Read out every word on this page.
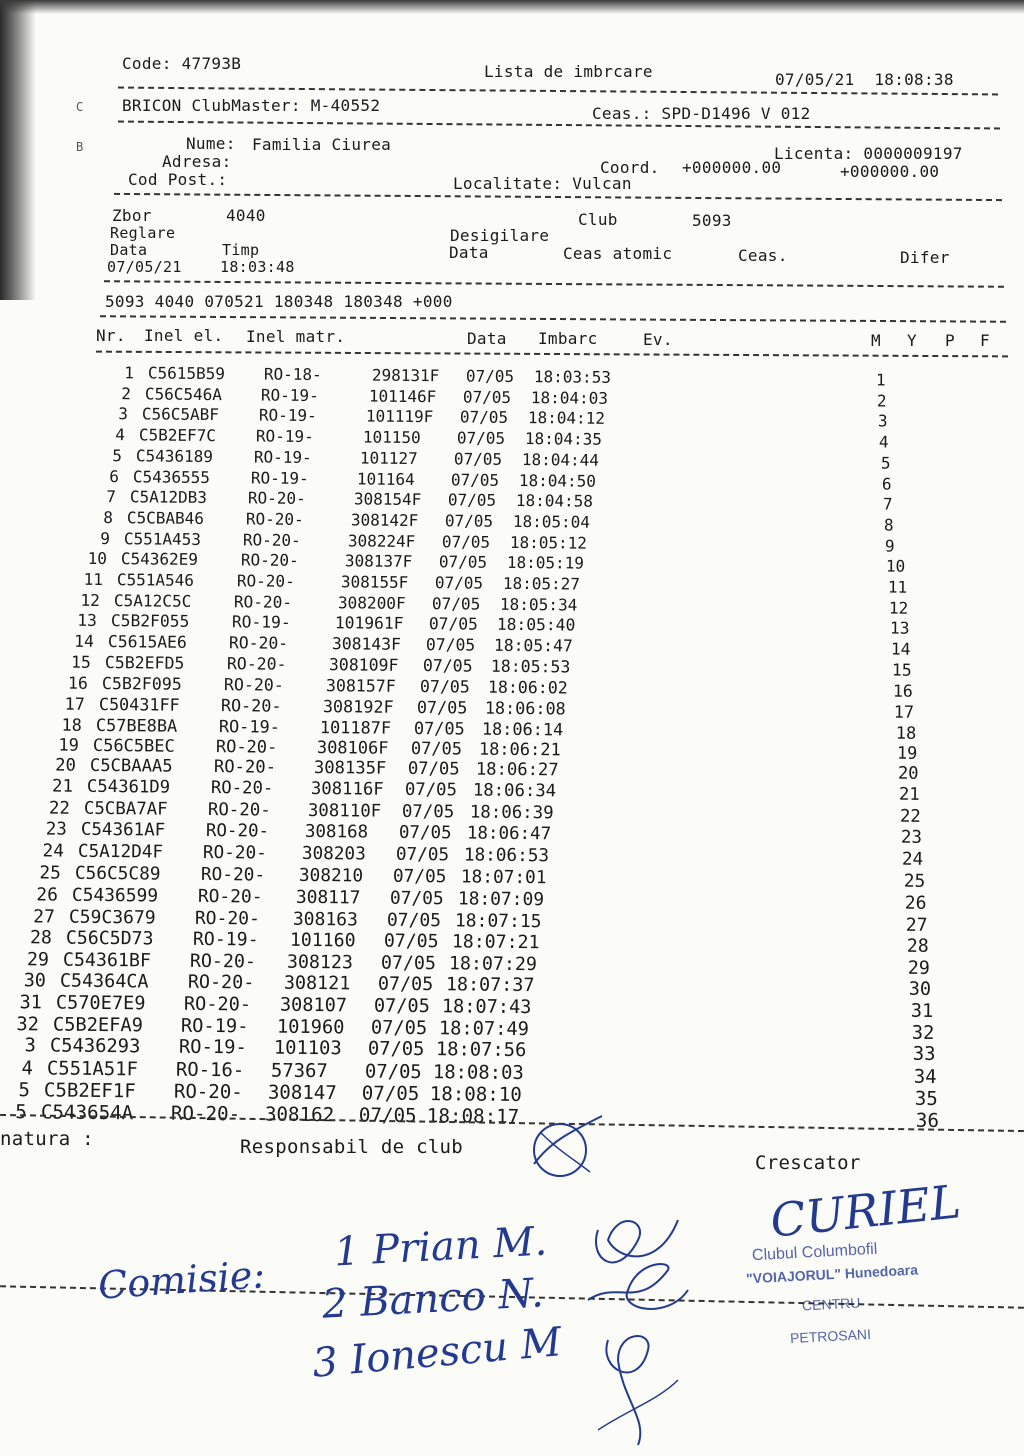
Code: 47793B	Lista de imbrcare	07/05/21  18:08:38
C BRICON ClubMaster: M-40552	Ceas.: SPD-D1496 V 012
B	Nume: Familia Ciurea
Adresa:
Cod Post.:
Licenta: 0000009197
Coord. +000000.00	+000000.00
Localitate: Vulcan
Zbor	4040	Club	5093
Reglare	Desigilare
Data	Timp	Data	Ceas atomic	Ceas.	Difer
07/05/21	18:03:48
5093 4040 070521 180348 180348 +000
Nr. Inel el. Inel matr.	Data Imbarc	Ev.	M Y P F
1 C5615B59 RO-18-	298131F 07/05 18:03:53	1
2 C56C546A RO-19-	101146F 07/05 18:04:03	2
3 C56C5ABF RO-19-	101119F 07/05 18:04:12	3
4 C5B2EF7C RO-19-	101150 07/05 18:04:35	4
5 C5436189	RO-19-	101127 07/05 18:04:44	5
6 C5436555	RO-19-	101164 07/05 18:04:50	6
7 C5A12DB3	RO-20-	308154F 07/05 18:04:58	7
8 C5CBAB46	RO-20-	308142F 07/05 18:05:04	8
9 C551A453	RO-20-	308224F 07/05 18:05:12	9
10 C54362E9	RO-20-	308137F 07/05 18:05:19	10
11 C551A546	RO-20-	308155F 07/05 18:05:27	11
12 C5A12C5C	RO-20-	308200F 07/05 18:05:34	12
13 C5B2F055	RO-19-	101961F 07/05 18:05:40	13
14 C5615AE6	RO-20-	308143F 07/05 18:05:47	14
15 C5B2EFD5	RO-20-	308109F 07/05 18:05:53	15
16 C5B2F095	RO-20-	308157F 07/05 18:06:02	16
17 C50431FF RO-20- 308192F 07/05 18:06:08	17
18 C57BE8BA RO-19- 101187F 07/05 18:06:14	18
19 C56C5BEC RO-20- 308106F 07/05 18:06:21	19
20 C5CBAAA5 RO-20- 308135F 07/05 18:06:27	20
21 C54361D9 RO-20- 308116F 07/05 18:06:34	21
22 C5CBA7AF RO-20- 308110F 07/05 18:06:39	22
23 C54361AF RO-20- 308168 07/05 18:06:47	23
24 C5A12D4F RO-20- 308203 07/05 18:06:53	24
25 C56C5C89 RO-20- 308210 07/05 18:07:01	25
26 C5436599 RO-20- 308117 07/05 18:07:09	26
27 C59C3679 RO-20- 308163 07/05 18:07:15	27
28 C56C5D73 RO-19- 101160 07/05 18:07:21	28
29 C54361BF RO-20- 308123 07/05 18:07:29	29
30 C54364CA RO-20- 308121 07/05 18:07:37	30
31 C570E7E9 RO-20- 308107 07/05 18:07:43	31
32 C5B2EFA9 RO-19- 101960 07/05 18:07:49	32
3 C5436293 RO-19- 101103 07/05 18:07:56	33
4 C551A51F RO-16- 57367 07/05 18:08:03	34
5 C5B2EF1F RO-20- 308147 07/05 18:08:10	35
5 C543654A RO-20- 308162 07/05 18:08:17	36
natura :	Responsabil de club
Crescator
CURIEL
Clubul Columbofil
"VOIAJORUL" Hunedoara
CENTRU
PETROSANI
Comisie:
1 Prian M.
2 Banco N.
3 Ionescu M
